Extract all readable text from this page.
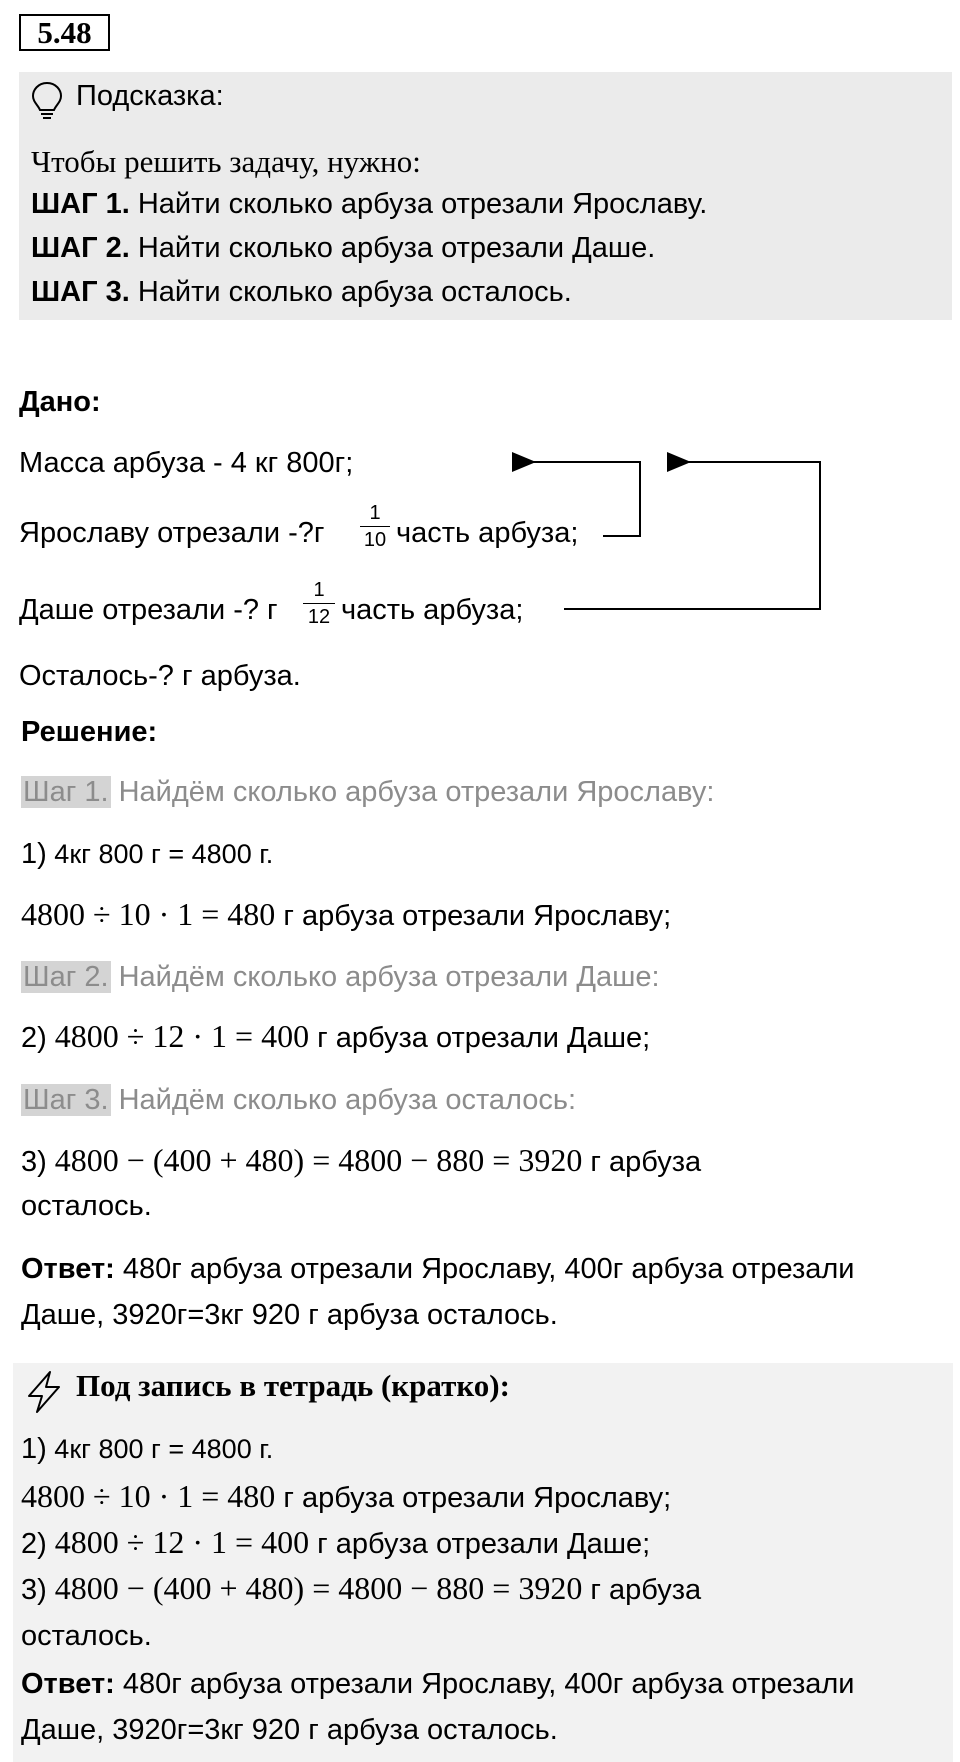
5.48
Подсказка:
Чтобы решить задачу, нужно:
ШАГ 1. Найти сколько арбуза отрезали Ярославу.
ШАГ 2. Найти сколько арбуза отрезали Даше.
ШАГ 3. Найти сколько арбуза осталось.
Дано:
Масса арбуза - 4 кг 800г;
Ярославу отрезали -?г
1
10 часть арбуза;
Даше отрезали -? г
1
12 часть арбуза;
Осталось-? г арбуза.
Решение:
Шаг 1. Найдём сколько арбуза отрезали Ярославу:
1) 4кг 800 г = 4800 г.
4800 ÷ 10 · 1 = 480 г арбуза отрезали Ярославу;
Шаг 2. Найдём сколько арбуза отрезали Даше:
2) 4800 ÷ 12 · 1 = 400 г арбуза отрезали Даше;
Шаг 3. Найдём сколько арбуза осталось:
3) 4800 − (400 + 480) = 4800 − 880 = 3920 г арбуза
осталось.
Ответ: 480г арбуза отрезали Ярославу, 400г арбуза отрезали
Даше, 3920г=3кг 920 г арбуза осталось.
Под запись в тетрадь (кратко):
1) 4кг 800 г = 4800 г.
4800 ÷ 10 · 1 = 480 г арбуза отрезали Ярославу;
2) 4800 ÷ 12 · 1 = 400 г арбуза отрезали Даше;
3) 4800 − (400 + 480) = 4800 − 880 = 3920 г арбуза
осталось.
Ответ: 480г арбуза отрезали Ярославу, 400г арбуза отрезали
Даше, 3920г=3кг 920 г арбуза осталось.
